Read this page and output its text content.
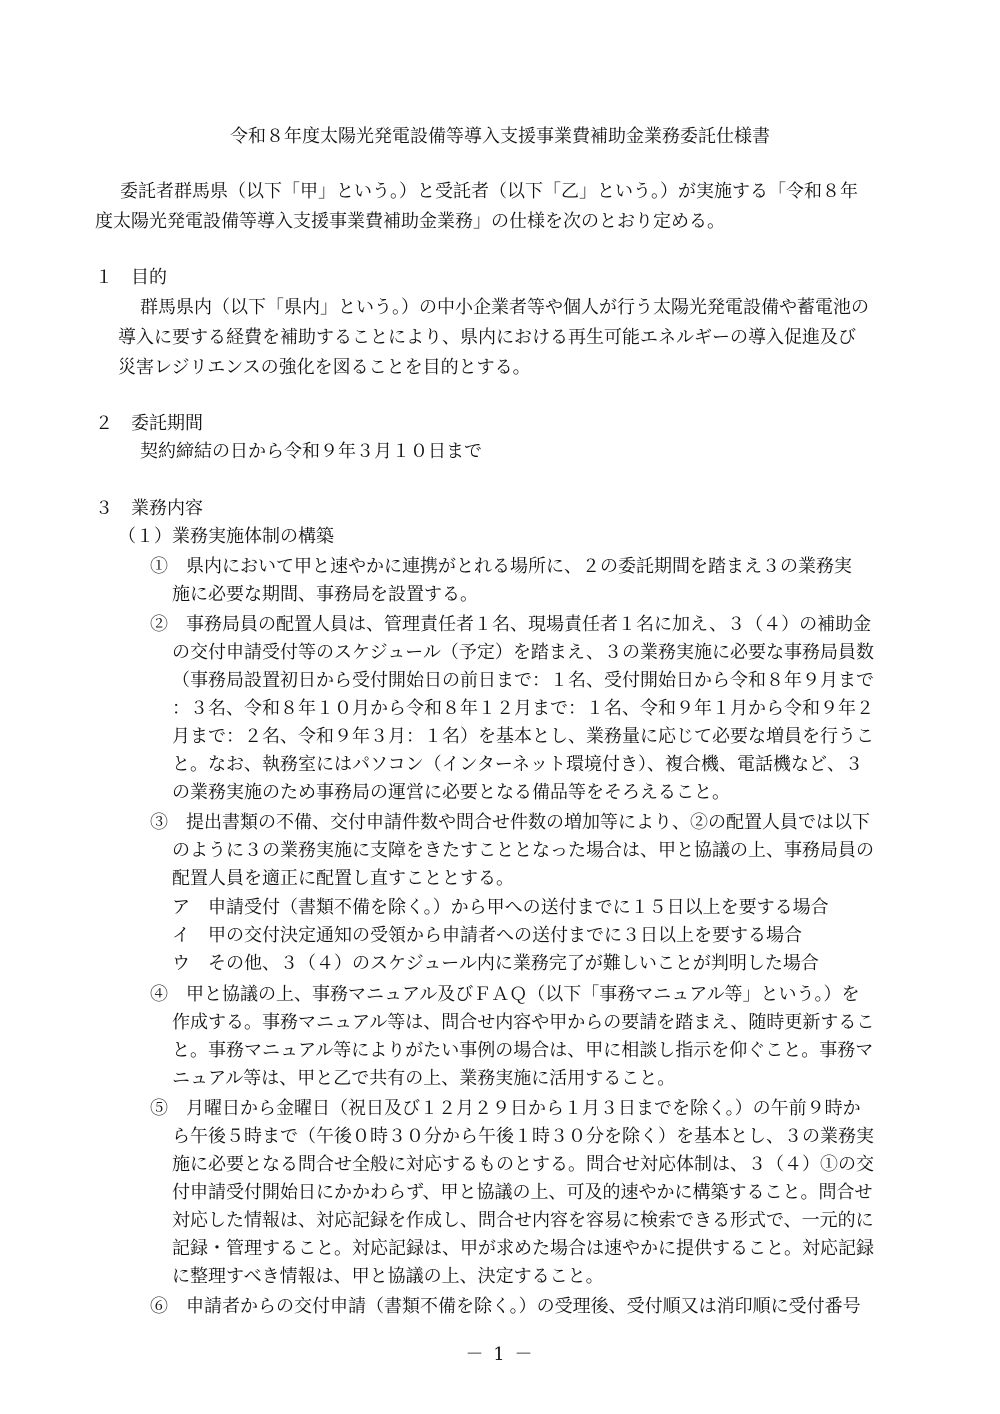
令和８年度太陽光発電設備等導入支援事業費補助金業務委託仕様書
委託者群馬県（以下「甲」という。）と受託者（以下「乙」という。）が実施する「令和８年
度太陽光発電設備等導入支援事業費補助金業務」の仕様を次のとおり定める。
１　目的
群馬県内（以下「県内」という。）の中小企業者等や個人が行う太陽光発電設備や蓄電池の
導入に要する経費を補助することにより、県内における再生可能エネルギーの導入促進及び
災害レジリエンスの強化を図ることを目的とする。
２　委託期間
契約締結の日から令和９年３月１０日まで
３　業務内容
（１）業務実施体制の構築
①　県内において甲と速やかに連携がとれる場所に、２の委託期間を踏まえ３の業務実
施に必要な期間、事務局を設置する。
②　事務局員の配置人員は、管理責任者１名、現場責任者１名に加え、３（４）の補助金
の交付申請受付等のスケジュール（予定）を踏まえ、３の業務実施に必要な事務局員数
（事務局設置初日から受付開始日の前日まで：１名、受付開始日から令和８年９月まで
：３名、令和８年１０月から令和８年１２月まで：１名、令和９年１月から令和９年２
月まで：２名、令和９年３月：１名）を基本とし、業務量に応じて必要な増員を行うこ
と。なお、執務室にはパソコン（インターネット環境付き）、複合機、電話機など、３
の業務実施のため事務局の運営に必要となる備品等をそろえること。
③　提出書類の不備、交付申請件数や問合せ件数の増加等により、②の配置人員では以下
のように３の業務実施に支障をきたすこととなった場合は、甲と協議の上、事務局員の
配置人員を適正に配置し直すこととする。
ア　申請受付（書類不備を除く。）から甲への送付までに１５日以上を要する場合
イ　甲の交付決定通知の受領から申請者への送付までに３日以上を要する場合
ウ　その他、３（４）のスケジュール内に業務完了が難しいことが判明した場合
④　甲と協議の上、事務マニュアル及びＦＡＱ（以下「事務マニュアル等」という。）を
作成する。事務マニュアル等は、問合せ内容や甲からの要請を踏まえ、随時更新するこ
と。事務マニュアル等によりがたい事例の場合は、甲に相談し指示を仰ぐこと。事務マ
ニュアル等は、甲と乙で共有の上、業務実施に活用すること。
⑤　月曜日から金曜日（祝日及び１２月２９日から１月３日までを除く。）の午前９時か
ら午後５時まで（午後０時３０分から午後１時３０分を除く）を基本とし、３の業務実
施に必要となる問合せ全般に対応するものとする。問合せ対応体制は、３（４）①の交
付申請受付開始日にかかわらず、甲と協議の上、可及的速やかに構築すること。問合せ
対応した情報は、対応記録を作成し、問合せ内容を容易に検索できる形式で、一元的に
記録・管理すること。対応記録は、甲が求めた場合は速やかに提供すること。対応記録
に整理すべき情報は、甲と協議の上、決定すること。
⑥　申請者からの交付申請（書類不備を除く。）の受理後、受付順又は消印順に受付番号
－ 1 －
